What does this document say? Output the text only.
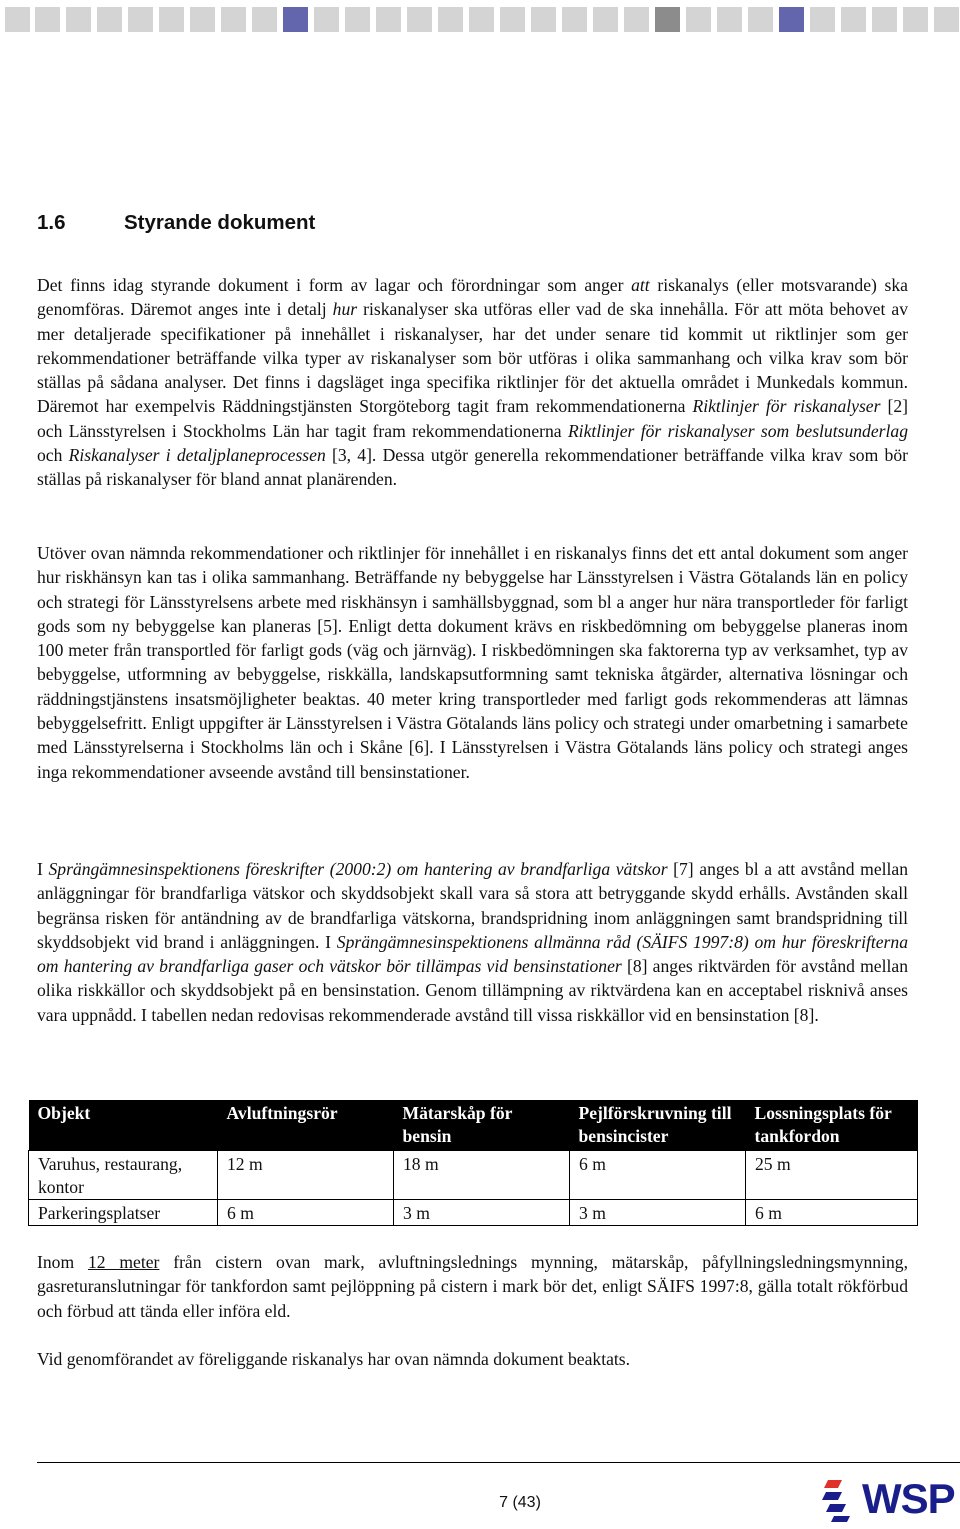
1.6	Styrande dokument

Det finns idag styrande dokument i form av lagar och förordningar som anger att riskanalys (eller motsvarande) ska genomföras. Däremot anges inte i detalj hur riskanalyser ska utföras eller vad de ska innehålla. För att möta behovet av mer detaljerade specifikationer på innehållet i riskanalyser, har det under senare tid kommit ut riktlinjer som ger rekommendationer beträffande vilka typer av riskanalyser som bör utföras i olika sammanhang och vilka krav som bör ställas på sådana analyser. Det finns i dagsläget inga specifika riktlinjer för det aktuella området i Munkedals kommun. Däremot har exempelvis Räddningstjänsten Storgöteborg tagit fram rekommendationerna Riktlinjer för riskanalyser [2] och Länsstyrelsen i Stockholms Län har tagit fram rekommendationerna Riktlinjer för riskanalyser som beslutsunderlag och Riskanalyser i detaljplaneprocessen [3, 4]. Dessa utgör generella rekommendationer beträffande vilka krav som bör ställas på riskanalyser för bland annat planärenden.

Utöver ovan nämnda rekommendationer och riktlinjer för innehållet i en riskanalys finns det ett antal dokument som anger hur riskhänsyn kan tas i olika sammanhang. Beträffande ny bebyggelse har Länsstyrelsen i Västra Götalands län en policy och strategi för Länsstyrelsens arbete med riskhänsyn i samhällsbyggnad, som bl a anger hur nära transportleder för farligt gods som ny bebyggelse kan planeras [5]. Enligt detta dokument krävs en riskbedömning om bebyggelse planeras inom 100 meter från transportled för farligt gods (väg och järnväg). I riskbedömningen ska faktorerna typ av verksamhet, typ av bebyggelse, utformning av bebyggelse, riskkälla, landskapsutformning samt tekniska åtgärder, alternativa lösningar och räddningstjänstens insatsmöjligheter beaktas. 40 meter kring transportleder med farligt gods rekommenderas att lämnas bebyggelsefritt. Enligt uppgifter är Länsstyrelsen i Västra Götalands läns policy och strategi under omarbetning i samarbete med Länsstyrelserna i Stockholms län och i Skåne [6]. I Länsstyrelsen i Västra Götalands läns policy och strategi anges inga rekommendationer avseende avstånd till bensinstationer.

I Sprängämnesinspektionens föreskrifter (2000:2) om hantering av brandfarliga vätskor [7] anges bl a att avstånd mellan anläggningar för brandfarliga vätskor och skyddsobjekt skall vara så stora att betryggande skydd erhålls. Avstånden skall begränsa risken för antändning av de brandfarliga vätskorna, brandspridning inom anläggningen samt brandspridning till skyddsobjekt vid brand i anläggningen. I Sprängämnesinspektionens allmänna råd (SÄIFS 1997:8) om hur föreskrifterna om hantering av brandfarliga gaser och vätskor bör tillämpas vid bensinstationer [8] anges riktvärden för avstånd mellan olika riskkällor och skyddsobjekt på en bensinstation. Genom tillämpning av riktvärdena kan en acceptabel risknivå anses vara uppnådd. I tabellen nedan redovisas rekommenderade avstånd till vissa riskkällor vid en bensinstation [8].

Objekt	Avluftningsrör	Mätarskåp för bensin	Pejlförskruvning till bensincister	Lossningsplats för tankfordon
Varuhus, restaurang, kontor	12 m	18 m	6 m	25 m
Parkeringsplatser	6 m	3 m	3 m	6 m

Inom 12 meter från cistern ovan mark, avluftningslednings mynning, mätarskåp, påfyllningsledningsmynning, gasreturanslutningar för tankfordon samt pejlöppning på cistern i mark bör det, enligt SÄIFS 1997:8, gälla totalt rökförbud och förbud att tända eller införa eld.

Vid genomförandet av föreliggande riskanalys har ovan nämnda dokument beaktats.

7 (43)	WSP
